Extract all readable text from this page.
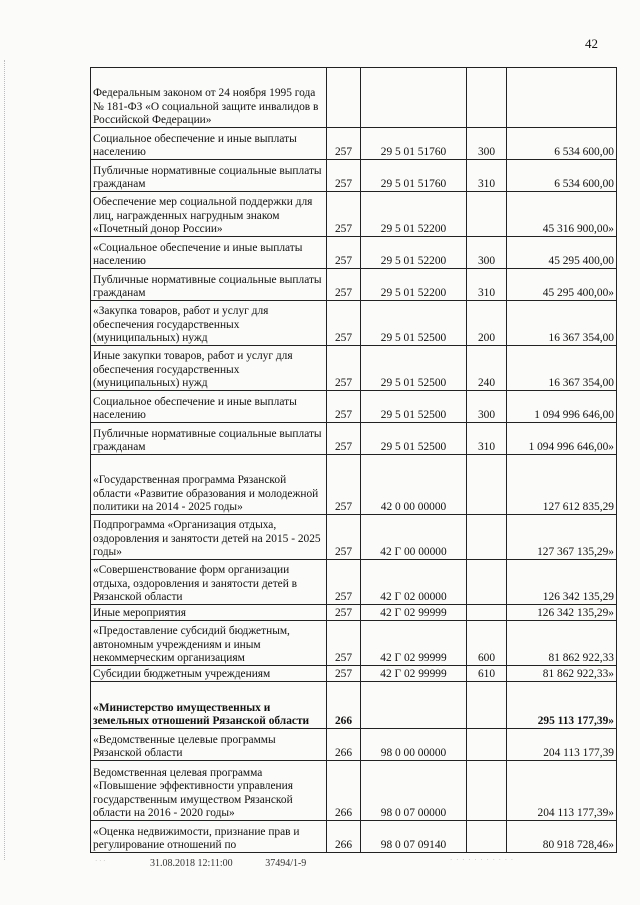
42
Федеральным законом от 24 ноября 1995 года № 181-ФЗ «О социальной защите инвалидов в Российской Федерации»				
Социальное обеспечение и иные выплаты населению	257	29 5 01 51760	300	6 534 600,00
Публичные нормативные социальные выплаты гражданам	257	29 5 01 51760	310	6 534 600,00
Обеспечение мер социальной поддержки для лиц, награжденных нагрудным знаком «Почетный донор России»	257	29 5 01 52200		45 316 900,00»
«Социальное обеспечение и иные выплаты населению	257	29 5 01 52200	300	45 295 400,00
Публичные нормативные социальные выплаты гражданам	257	29 5 01 52200	310	45 295 400,00»
«Закупка товаров, работ и услуг для обеспечения государственных (муниципальных) нужд	257	29 5 01 52500	200	16 367 354,00
Иные закупки товаров, работ и услуг для обеспечения государственных (муниципальных) нужд	257	29 5 01 52500	240	16 367 354,00
Социальное обеспечение и иные выплаты населению	257	29 5 01 52500	300	1 094 996 646,00
Публичные нормативные социальные выплаты гражданам	257	29 5 01 52500	310	1 094 996 646,00»
«Государственная программа Рязанской области «Развитие образования и молодежной политики на 2014 - 2025 годы»	257	42 0 00 00000		127 612 835,29
Подпрограмма «Организация отдыха, оздоровления и занятости детей на 2015 - 2025 годы»	257	42 Г 00 00000		127 367 135,29»
«Совершенствование форм организации отдыха, оздоровления и занятости детей в Рязанской области	257	42 Г 02 00000		126 342 135,29
Иные мероприятия	257	42 Г 02 99999		126 342 135,29»
«Предоставление субсидий бюджетным, автономным учреждениям и иным некоммерческим организациям	257	42 Г 02 99999	600	81 862 922,33
Субсидии бюджетным учреждениям	257	42 Г 02 99999	610	81 862 922,33»
«Министерство имущественных и земельных отношений Рязанской области	266			295 113 177,39»
«Ведомственные целевые программы Рязанской области	266	98 0 00 00000		204 113 177,39
Ведомственная целевая программа «Повышение эффективности управления государственным имуществом Рязанской области на 2016 - 2020 годы»	266	98 0 07 00000		204 113 177,39»
«Оценка недвижимости, признание прав и регулирование отношений по	266	98 0 07 09140		80 918 728,46»
· · ·	31.08.2018 12:11:00	37494/1-9	· · · · · · · · · · ·
